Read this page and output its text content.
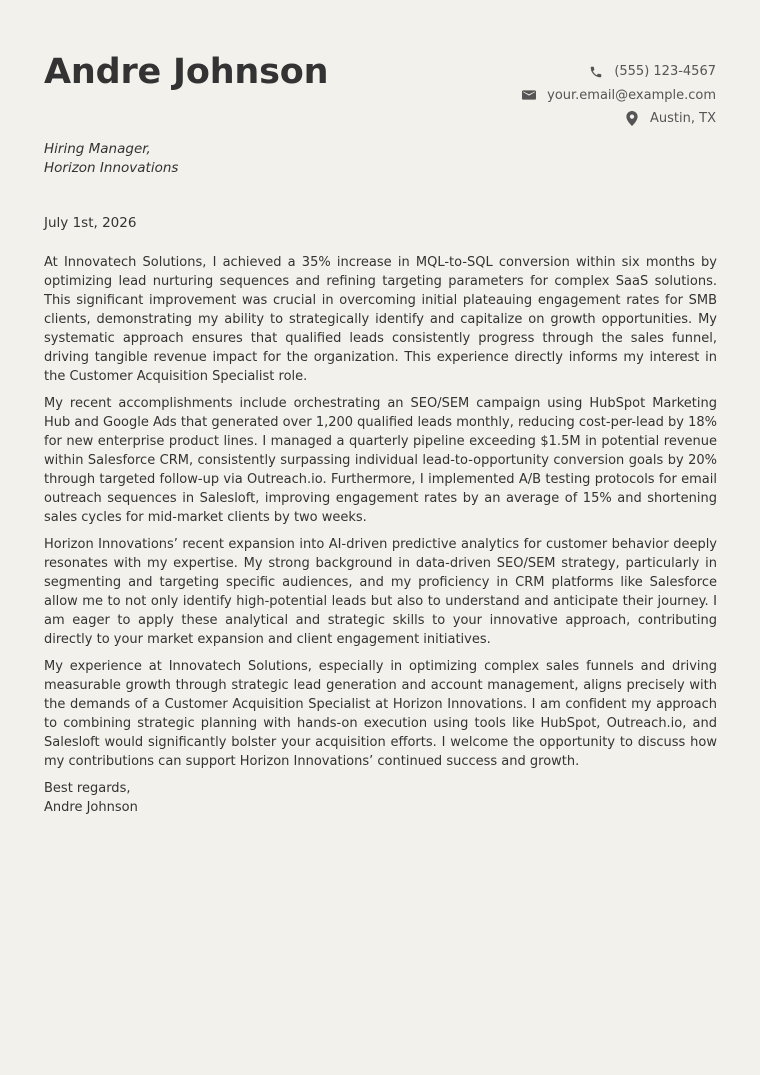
Andre Johnson	(555) 123-4567
your.email@example.com
Austin, TX
Hiring Manager,
Horizon Innovations
July 1st, 2026

At Innovatech Solutions, I achieved a 35% increase in MQL-to-SQL conversion within six months by optimizing lead nurturing sequences and refining targeting parameters for complex SaaS solutions. This significant improvement was crucial in overcoming initial plateauing engagement rates for SMB clients, demonstrating my ability to strategically identify and capitalize on growth opportunities. My systematic approach ensures that qualified leads consistently progress through the sales funnel, driving tangible revenue impact for the organization. This experience directly informs my interest in the Customer Acquisition Specialist role.

My recent accomplishments include orchestrating an SEO/SEM campaign using HubSpot Marketing Hub and Google Ads that generated over 1,200 qualified leads monthly, reducing cost-per-lead by 18% for new enterprise product lines. I managed a quarterly pipeline exceeding $1.5M in potential revenue within Salesforce CRM, consistently surpassing individual lead-to-opportunity conversion goals by 20% through targeted follow-up via Outreach.io. Furthermore, I implemented A/B testing protocols for email outreach sequences in Salesloft, improving engagement rates by an average of 15% and shortening sales cycles for mid-market clients by two weeks.

Horizon Innovations’ recent expansion into AI-driven predictive analytics for customer behavior deeply resonates with my expertise. My strong background in data-driven SEO/SEM strategy, particularly in segmenting and targeting specific audiences, and my proficiency in CRM platforms like Salesforce allow me to not only identify high-potential leads but also to understand and anticipate their journey. I am eager to apply these analytical and strategic skills to your innovative approach, contributing directly to your market expansion and client engagement initiatives.

My experience at Innovatech Solutions, especially in optimizing complex sales funnels and driving measurable growth through strategic lead generation and account management, aligns precisely with the demands of a Customer Acquisition Specialist at Horizon Innovations. I am confident my approach to combining strategic planning with hands-on execution using tools like HubSpot, Outreach.io, and Salesloft would significantly bolster your acquisition efforts. I welcome the opportunity to discuss how my contributions can support Horizon Innovations’ continued success and growth.

Best regards,
Andre Johnson
